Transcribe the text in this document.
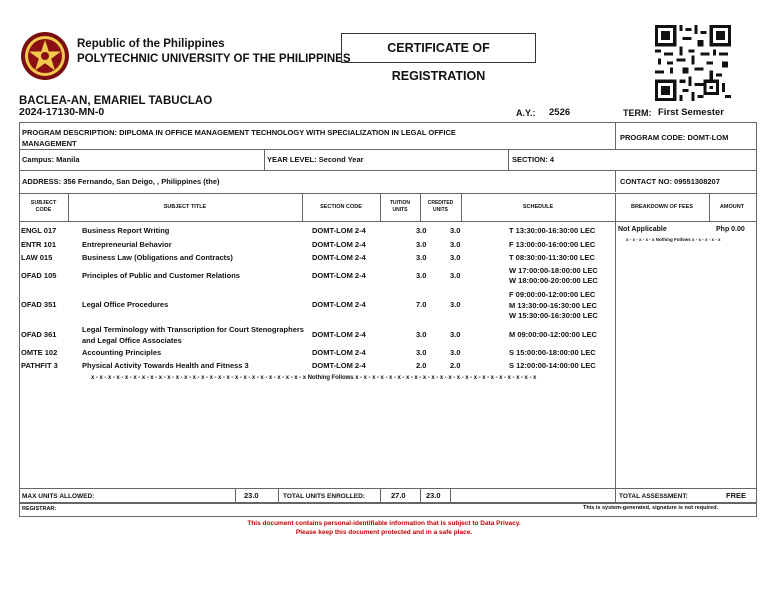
Republic of the Philippines
POLYTECHNIC UNIVERSITY OF THE PHILIPPINES
CERTIFICATE OF REGISTRATION
BACLEA-AN, EMARIEL TABUCLAO
2024-17130-MN-0	A.Y.: 2526	TERM: First Semester
PROGRAM DESCRIPTION: DIPLOMA IN OFFICE MANAGEMENT TECHNOLOGY WITH SPECIALIZATION IN LEGAL OFFICE
MANAGEMENT
PROGRAM CODE: DOMT-LOM
Campus: Manila	YEAR LEVEL: Second Year	SECTION: 4
ADDRESS: 356 Fernando, San Deigo, , Philippines (the)	CONTACT NO: 09551308207
SUBJECT
CODE	SUBJECT TITLE	SECTION CODE
TUITION
UNITS
CREDITED
UNITS	SCHEDULE	BREAKDOWN OF FEES	AMOUNT
ENGL 017	Business Report Writing	DOMT-LOM 2-4	3.0	3.0	T 13:30:00-16:30:00 LEC
ENTR 101	Entrepreneurial Behavior	DOMT-LOM 2-4	3.0	3.0	F 13:00:00-16:00:00 LEC
LAW 015	Business Law (Obligations and Contracts)	DOMT-LOM 2-4	3.0	3.0	T 08:30:00-11:30:00 LEC
OFAD 105	Principles of Public and Customer Relations	DOMT-LOM 2-4	3.0	3.0
W 17:00:00-18:00:00 LEC
W 18:00:00-20:00:00 LEC
OFAD 351	Legal Office Procedures	DOMT-LOM 2-4	7.0	3.0
F 09:00:00-12:00:00 LEC
M 13:30:00-16:30:00 LEC
W 15:30:00-16:30:00 LEC
OFAD 361
Legal Terminology with Transcription for Court Stenographers
and Legal Office Associates
DOMT-LOM 2-4	3.0	3.0	M 09:00:00-12:00:00 LEC
OMTE 102	Accounting Principles	DOMT-LOM 2-4	3.0	3.0	S 15:00:00-18:00:00 LEC
PATHFIT 3	Physical Activity Towards Health and Fitness 3	DOMT-LOM 2-4	2.0	2.0	S 12:00:00-14:00:00 LEC
x - x - x - x - x - x - x - x - x - x - x - x - x - x - x - x - x - x - x - x - x - x - x - x - x - x Nothing Follows x - x - x - x - x - x - x - x - x - x - x - x - x - x - x - x - x - x - x - x - x - x
Not Applicable	Php 0.00
x - x - x - x - x Nothing Follows x - x - x - x - x
MAX UNITS ALLOWED:	23.0	TOTAL UNITS ENROLLED:	27.0	23.0	TOTAL ASSESSMENT:	FREE
REGISTRAR:	This is system-generated, signature is not required.
This document contains personal-identifiable information that is subject to Data Privacy.
Please keep this document protected and in a safe place.
